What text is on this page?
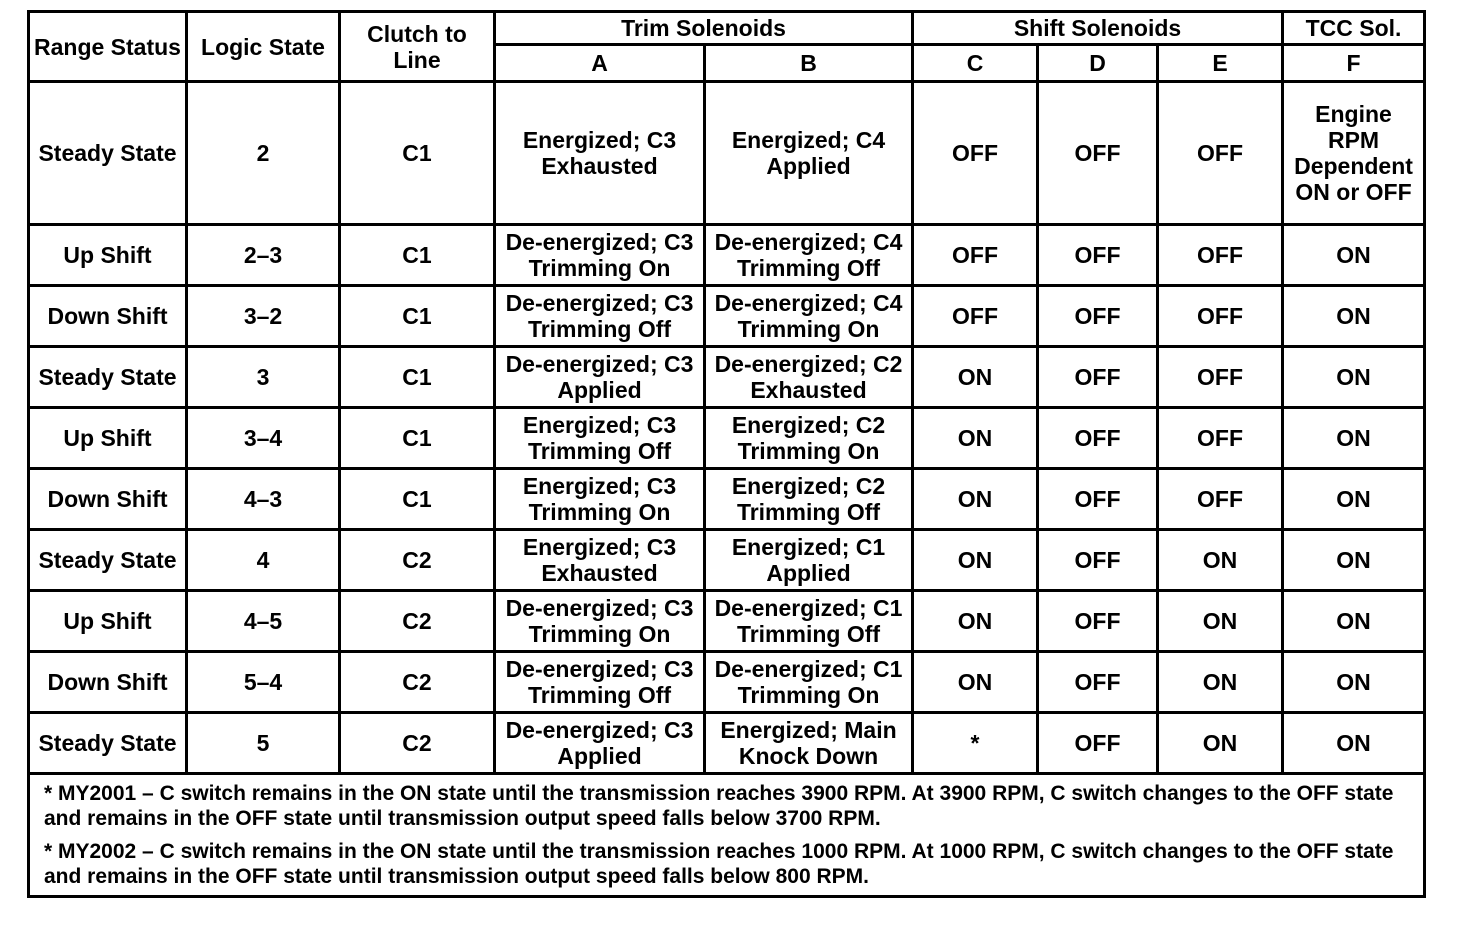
Range Status	Logic State	Clutch to Line	Trim Solenoids		Shift Solenoids			TCC Sol.
			A	B	C	D	E	F
Steady State	2	C1	Energized; C3 Exhausted	Energized; C4 Applied	OFF	OFF	OFF	Engine RPM Dependent ON or OFF
Up Shift	2–3	C1	De-energized; C3 Trimming On	De-energized; C4 Trimming Off	OFF	OFF	OFF	ON
Down Shift	3–2	C1	De-energized; C3 Trimming Off	De-energized; C4 Trimming On	OFF	OFF	OFF	ON
Steady State	3	C1	De-energized; C3 Applied	De-energized; C2 Exhausted	ON	OFF	OFF	ON
Up Shift	3–4	C1	Energized; C3 Trimming Off	Energized; C2 Trimming On	ON	OFF	OFF	ON
Down Shift	4–3	C1	Energized; C3 Trimming On	Energized; C2 Trimming Off	ON	OFF	OFF	ON
Steady State	4	C2	Energized; C3 Exhausted	Energized; C1 Applied	ON	OFF	ON	ON
Up Shift	4–5	C2	De-energized; C3 Trimming On	De-energized; C1 Trimming Off	ON	OFF	ON	ON
Down Shift	5–4	C2	De-energized; C3 Trimming Off	De-energized; C1 Trimming On	ON	OFF	ON	ON
Steady State	5	C2	De-energized; C3 Applied	Energized; Main Knock Down	*	OFF	ON	ON

* MY2001 – C switch remains in the ON state until the transmission reaches 3900 RPM. At 3900 RPM, C switch changes to the OFF state and remains in the OFF state until transmission output speed falls below 3700 RPM.
* MY2002 – C switch remains in the ON state until the transmission reaches 1000 RPM. At 1000 RPM, C switch changes to the OFF state and remains in the OFF state until transmission output speed falls below 800 RPM.								
